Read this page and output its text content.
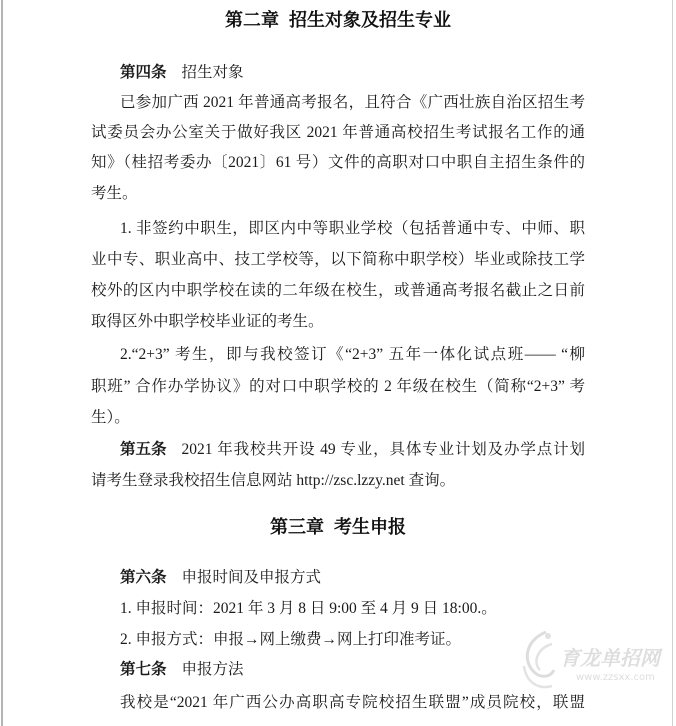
第二章 招生对象及招生专业
第四条 招生对象
已参加广西 2021 年普通高考报名，且符合《广西壮族自治区招生考
试委员会办公室关于做好我区 2021 年普通高校招生考试报名工作的通
知》（桂招考委办〔2021〕61 号）文件的高职对口中职自主招生条件的
考生。
1. 非签约中职生，即区内中等职业学校（包括普通中专、中师、职
业中专、职业高中、技工学校等，以下简称中职学校）毕业或除技工学
校外的区内中职学校在读的二年级在校生，或普通高考报名截止之日前
取得区外中职学校毕业证的考生。
2.“2+3” 考生，即与我校签订《“2+3” 五年一体化试点班—— “柳
职班” 合作办学协议》的对口中职学校的 2 年级在校生（简称“2+3” 考
生）。
第五条 2021 年我校共开设 49 专业，具体专业计划及办学点计划
请考生登录我校招生信息网站 http://zsc.lzzy.net 查询。
第三章 考生申报
第六条 申报时间及申报方式
1. 申报时间：2021 年 3 月 8 日 9:00 至 4 月 9 日 18:00.。
2. 申报方式：申报→网上缴费→网上打印准考证。
第七条 申报方法
我校是“2021 年广西公办高职高专院校招生联盟”成员院校，联盟
育龙单招网
www.zzsxx.com
